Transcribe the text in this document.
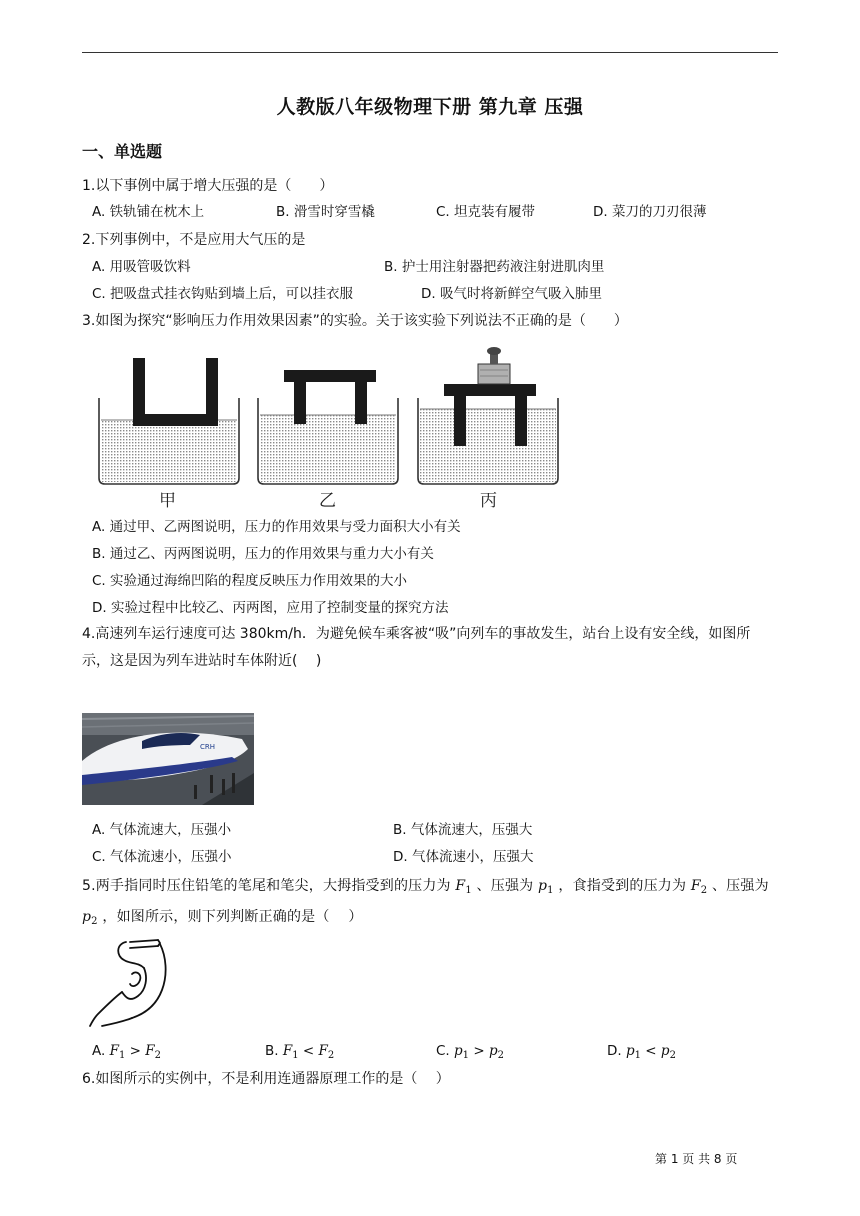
人教版八年级物理下册 第九章 压强
一、单选题
1.以下事例中属于增大压强的是（　　）
A. 铁轨铺在枕木上	B. 滑雪时穿雪橇	C. 坦克装有履带	D. 菜刀的刀刃很薄
2.下列事例中，不是应用大气压的是
A. 用吸管吸饮料	B. 护士用注射器把药液注射进肌肉里
C. 把吸盘式挂衣钩贴到墙上后，可以挂衣服	D. 吸气时将新鲜空气吸入肺里
3.如图为探究“影响压力作用效果因素”的实验。关于该实验下列说法不正确的是（　　）
甲	乙	丙
A. 通过甲、乙两图说明，压力的作用效果与受力面积大小有关
B. 通过乙、丙两图说明，压力的作用效果与重力大小有关
C. 实验通过海绵凹陷的程度反映压力作用效果的大小
D. 实验过程中比较乙、丙两图，应用了控制变量的探究方法
4.高速列车运行速度可达 380km/h．为避免候车乘客被“吸”向列车的事故发生，站台上设有安全线，如图所示，这是因为列车进站时车体附近(　 )
CRH
A. 气体流速大，压强小	B. 气体流速大，压强大
C. 气体流速小，压强小	D. 气体流速小，压强大
5.两手指同时压住铅笔的笔尾和笔尖，大拇指受到的压力为 $F_1$ 、压强为 $p_1$ ，食指受到的压力为 $F_2$ 、压强为 $p_2$ ，如图所示，则下列判断正确的是（　 ）
A. $F_1 > F_2$	B. $F_1 < F_2$	C. $p_1 > p_2$	D. $p_1 < p_2$
6.如图所示的实例中，不是利用连通器原理工作的是（　 ）
第 1 页 共 8 页
